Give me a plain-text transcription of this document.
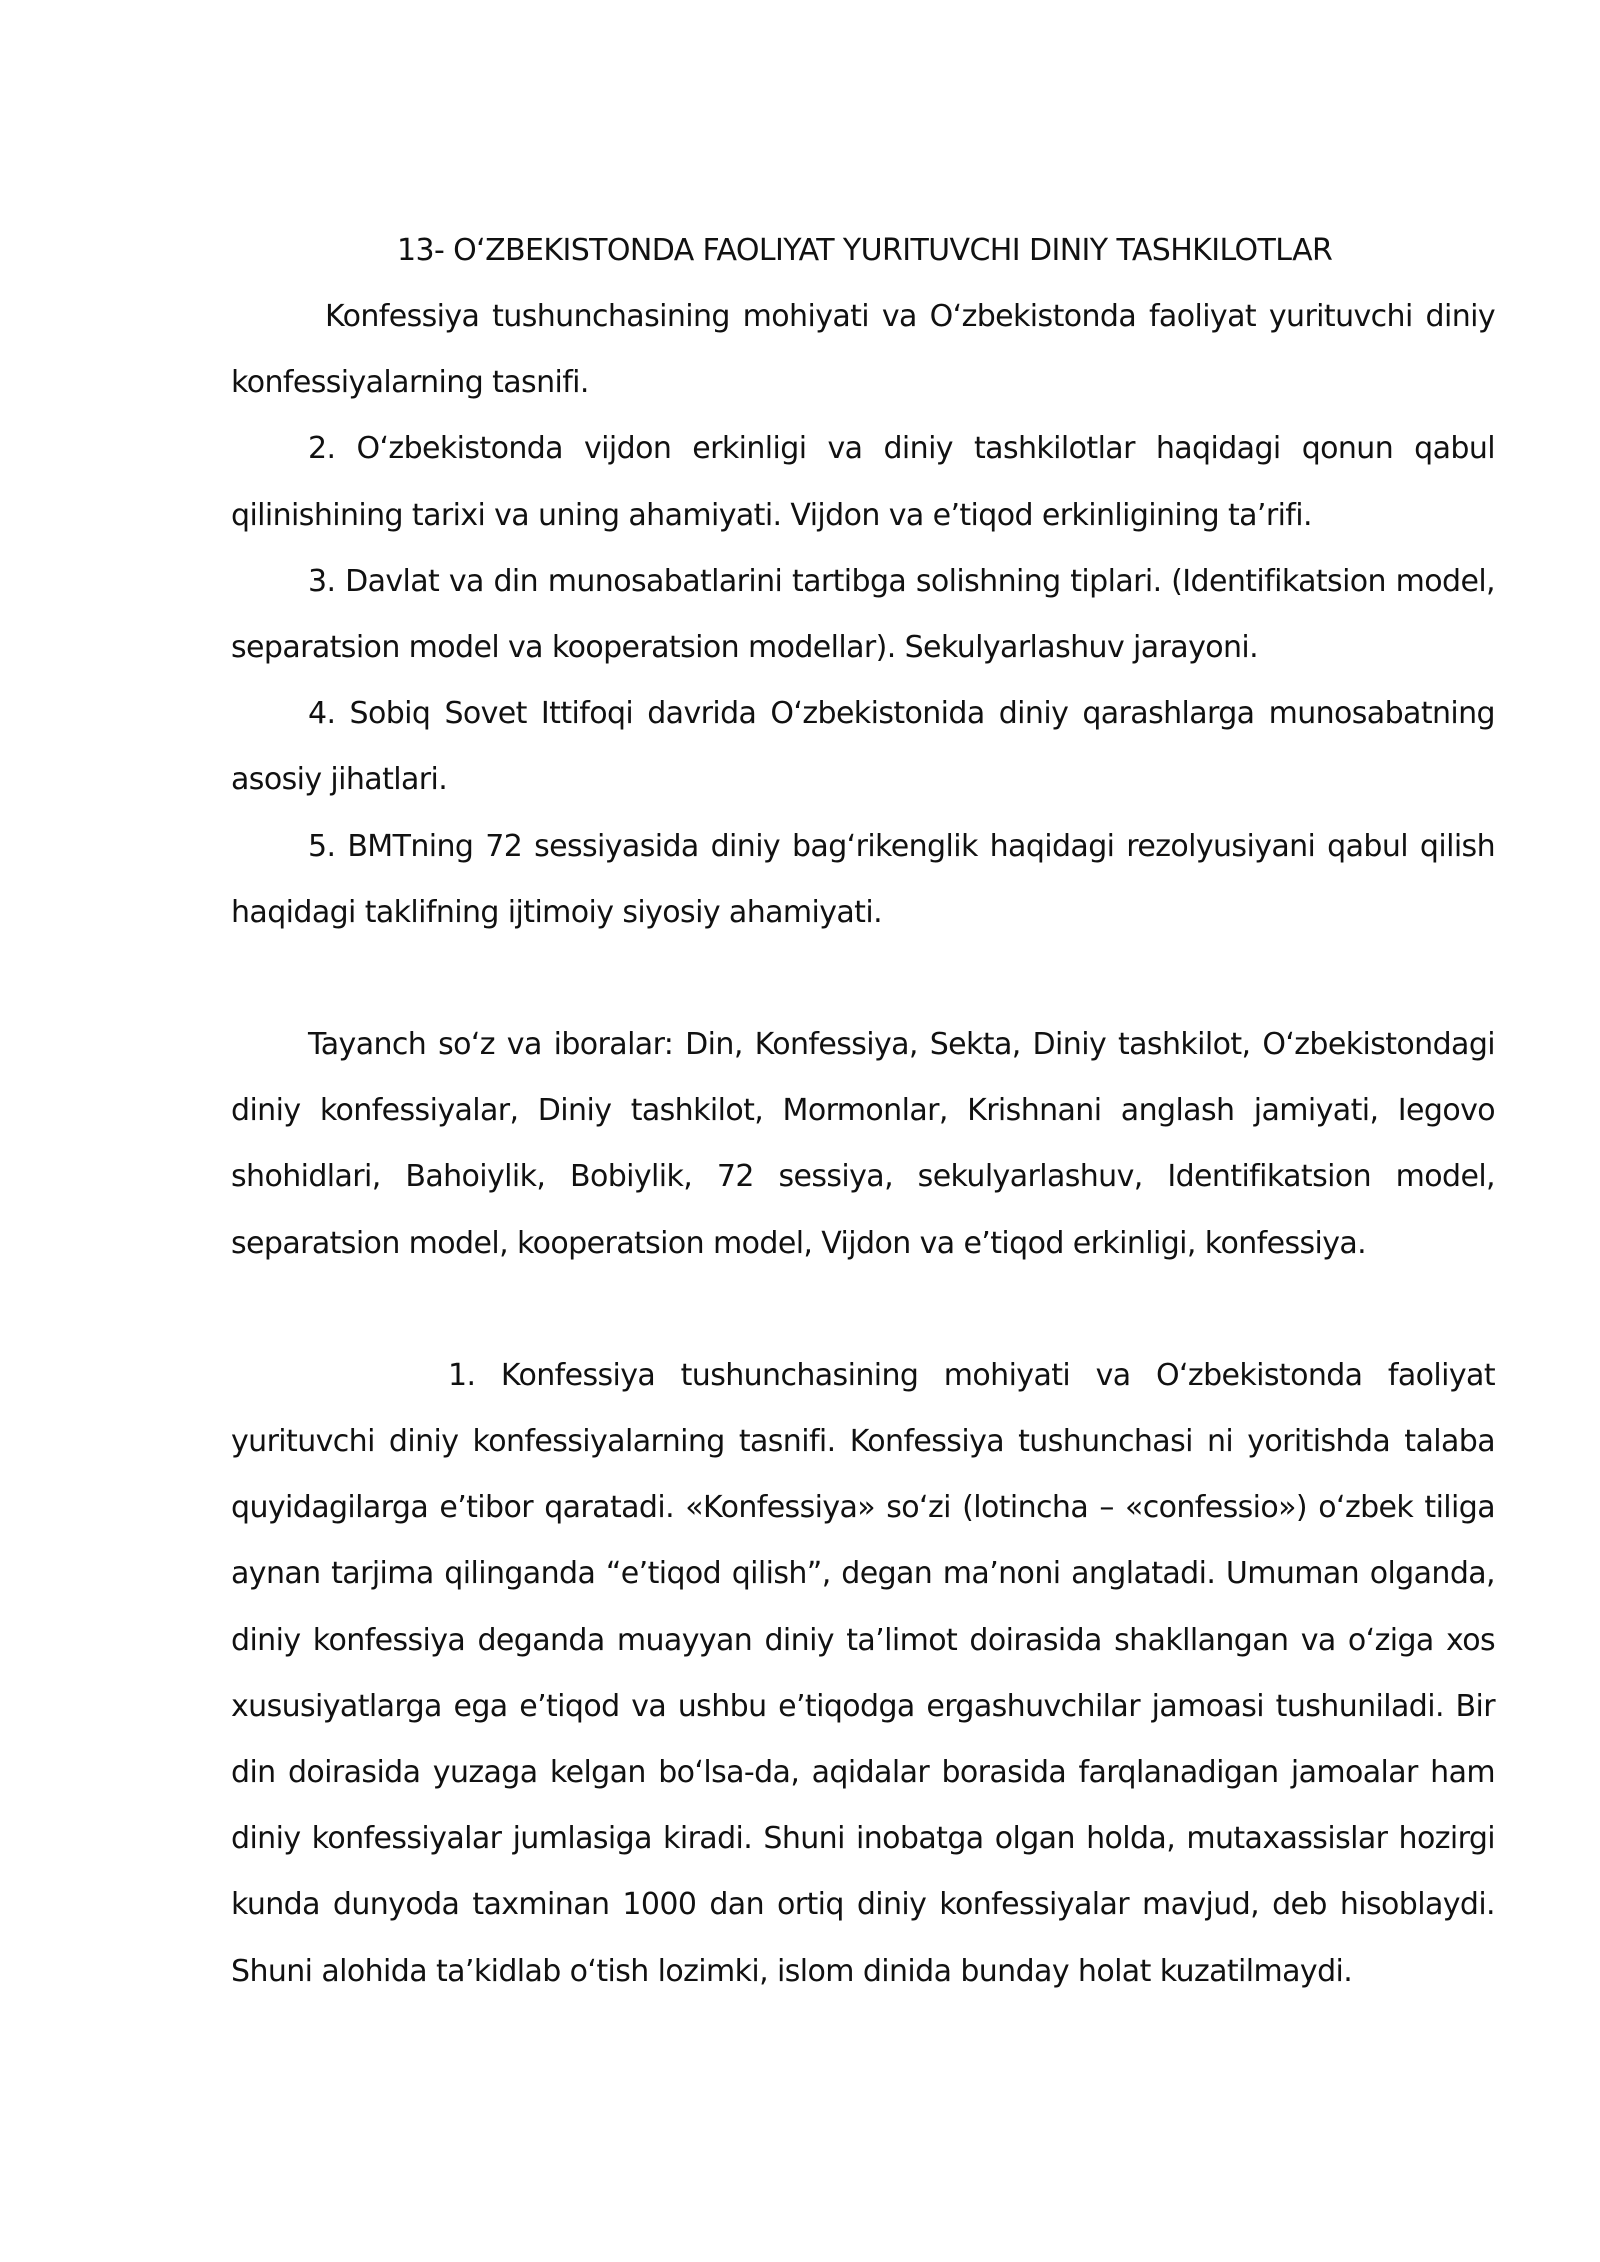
13- O‘ZBEKISTONDA FAOLIYAT YURITUVCHI DINIY TASHKILOTLAR

Konfessiya tushunchasining mohiyati va O‘zbekistonda faoliyat yurituvchi diniy konfessiyalarning tasnifi.

2. O‘zbekistonda vijdon erkinligi va diniy tashkilotlar haqidagi qonun qabul qilinishining tarixi va uning ahamiyati. Vijdon va e’tiqod erkinligining ta’rifi.

3. Davlat va din munosabatlarini tartibga solishning tiplari. (Identifikatsion model, separatsion model va kooperatsion modellar). Sekulyarlashuv jarayoni.

4. Sobiq Sovet Ittifoqi davrida O‘zbekistonida diniy qarashlarga munosabatning asosiy jihatlari.

5. BMTning 72 sessiyasida diniy bag‘rikenglik haqidagi rezolyusiyani qabul qilish haqidagi taklifning ijtimoiy siyosiy ahamiyati.

Tayanch so‘z va iboralar: Din, Konfessiya, Sekta, Diniy tashkilot, O‘zbekistondagi diniy konfessiyalar, Diniy tashkilot, Mormonlar, Krishnani anglash jamiyati, Iegovo shohidlari, Bahoiylik, Bobiylik, 72 sessiya, sekulyarlashuv, Identifikatsion model, separatsion model, kooperatsion model, Vijdon va e’tiqod erkinligi, konfessiya.

1. Konfessiya tushunchasining mohiyati va O‘zbekistonda faoliyat yurituvchi diniy konfessiyalarning tasnifi. Konfessiya tushunchasi ni yoritishda talaba quyidagilarga e’tibor qaratadi. «Konfessiya» so‘zi (lotincha – «confessio») o‘zbek tiliga aynan tarjima qilinganda “e’tiqod qilish”, degan ma’noni anglatadi. Umuman olganda, diniy konfessiya deganda muayyan diniy ta’limot doirasida shakllangan va o‘ziga xos xususiyatlarga ega e’tiqod va ushbu e’tiqodga ergashuvchilar jamoasi tushuniladi. Bir din doirasida yuzaga kelgan bo‘lsa-da, aqidalar borasida farqlanadigan jamoalar ham diniy konfessiyalar jumlasiga kiradi. Shuni inobatga olgan holda, mutaxassislar hozirgi kunda dunyoda taxminan 1000 dan ortiq diniy konfessiyalar mavjud, deb hisoblaydi. Shuni alohida ta’kidlab o‘tish lozimki, islom dinida bunday holat kuzatilmaydi.
